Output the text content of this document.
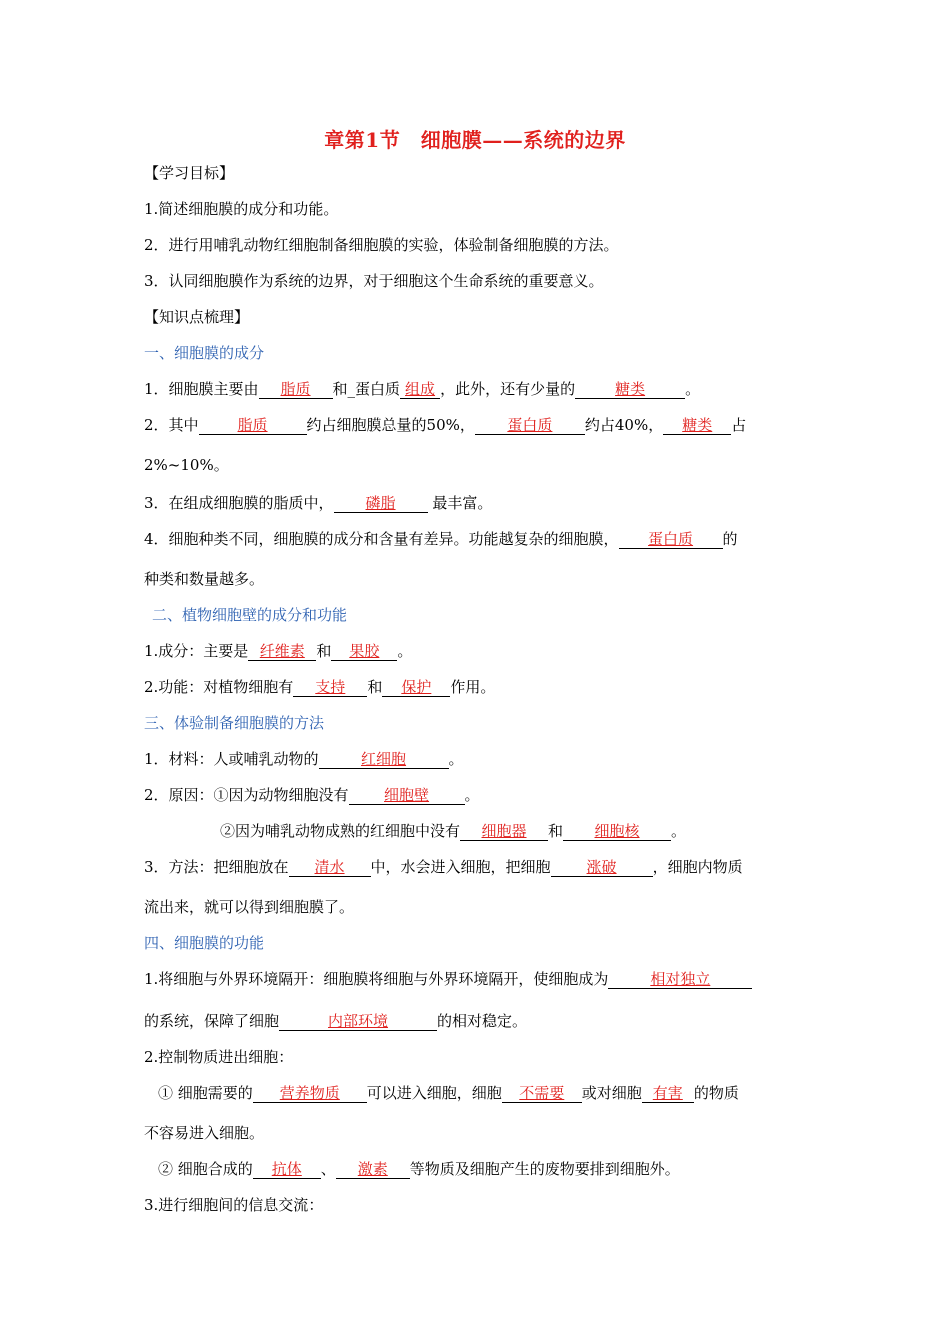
章第1节　细胞膜——系统的边界
【学习目标】
1.简述细胞膜的成分和功能。
2．进行用哺乳动物红细胞制备细胞膜的实验，体验制备细胞膜的方法。
3．认同细胞膜作为系统的边界，对于细胞这个生命系统的重要意义。
【知识点梳理】
一、细胞膜的成分
1．细胞膜主要由 脂质 和_蛋白质 组成 ，此外，还有少量的	糖类	。
2．其中	脂质	约占细胞膜总量的50%， 蛋白质 约占40%， 糖类 占
2%~10%。
3．在组成细胞膜的脂质中， 磷脂 最丰富。
4．细胞种类不同，细胞膜的成分和含量有差异。功能越复杂的细胞膜， 蛋白质 的
种类和数量越多。
二、植物细胞壁的成分和功能
1.成分：主要是 纤维素 和 果胶 。
2.功能：对植物细胞有 支持 和 保护 作用。
三、体验制备细胞膜的方法
1．材料：人或哺乳动物的	红细胞	。
2．原因：①因为动物细胞没有 细胞壁 。
②因为哺乳动物成熟的红细胞中没有 细胞器 和 细胞核 。
3．方法：把细胞放在 清水 中，水会进入细胞，把细胞 涨破 ，细胞内物质
流出来，就可以得到细胞膜了。
四、细胞膜的功能
1.将细胞与外界环境隔开：细胞膜将细胞与外界环境隔开，使细胞成为	相对独立
的系统，保障了细胞	内部环境	的相对稳定。
2.控制物质进出细胞：
① 细胞需要的 营养物质 可以进入细胞，细胞 不需要 或对细胞 有害 的物质
不容易进入细胞。
② 细胞合成的 抗体 、 激素 等物质及细胞产生的废物要排到细胞外。
3.进行细胞间的信息交流：
